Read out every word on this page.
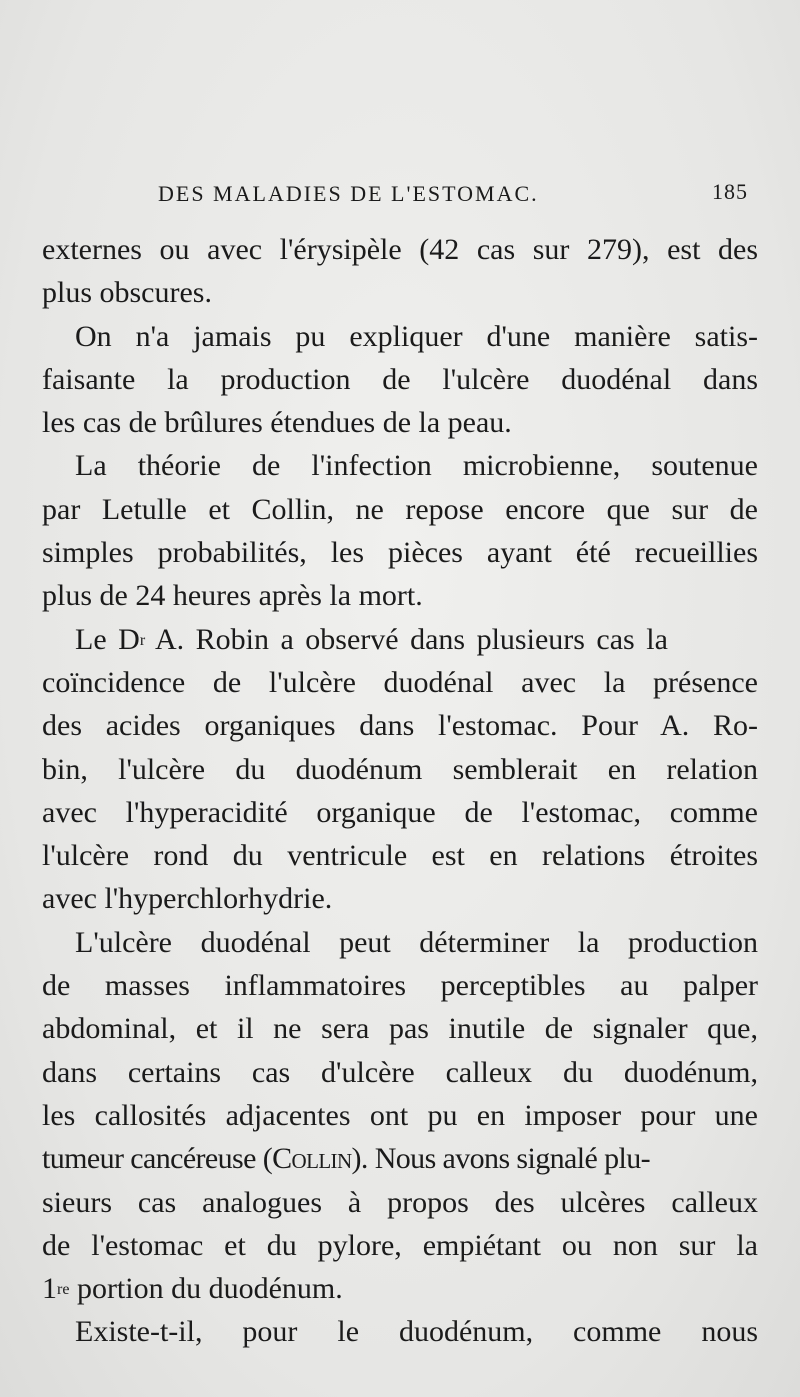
DES MALADIES DE L'ESTOMAC.	185
externes ou avec l'érysipèle (42 cas sur 279), est des
plus obscures.
On n'a jamais pu expliquer d'une manière satis-
faisante la production de l'ulcère duodénal dans
les cas de brûlures étendues de la peau.
La théorie de l'infection microbienne, soutenue
par Letulle et Collin, ne repose encore que sur de
simples probabilités, les pièces ayant été recueillies
plus de 24 heures après la mort.
Le $D^r$ A. Robin a observé dans plusieurs cas la
coïncidence de l'ulcère duodénal avec la présence
des acides organiques dans l'estomac. Pour A. Ro-
bin, l'ulcère du duodénum semblerait en relation
avec l'hyperacidité organique de l'estomac, comme
l'ulcère rond du ventricule est en relations étroites
avec l'hyperchlorhydrie.
L'ulcère duodénal peut déterminer la production
de masses inflammatoires perceptibles au palper
abdominal, et il ne sera pas inutile de signaler que,
dans certains cas d'ulcère calleux du duodénum,
les callosités adjacentes ont pu en imposer pour une
tumeur cancéreuse (Collin). Nous avons signalé plu-
sieurs cas analogues à propos des ulcères calleux
de l'estomac et du pylore, empiétant ou non sur la
1re portion du duodénum.
Existe-t-il, pour le duodénum, comme nous
